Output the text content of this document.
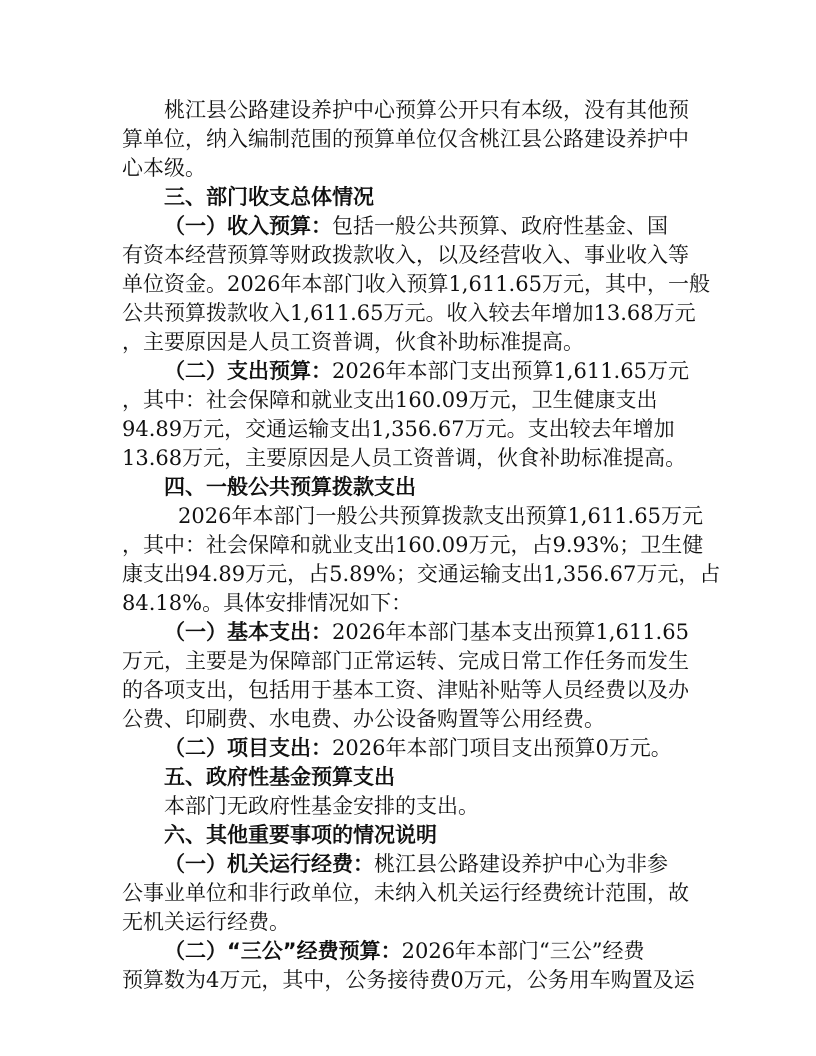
桃江县公路建设养护中心预算公开只有本级，没有其他预
算单位，纳入编制范围的预算单位仅含桃江县公路建设养护中
心本级。
三、部门收支总体情况
（一）收入预算：包括一般公共预算、政府性基金、国
有资本经营预算等财政拨款收入，以及经营收入、事业收入等
单位资金。2026年本部门收入预算1,611.65万元，其中，一般
公共预算拨款收入1,611.65万元。收入较去年增加13.68万元
，主要原因是人员工资普调，伙食补助标准提高。
（二）支出预算：2026年本部门支出预算1,611.65万元
，其中：社会保障和就业支出160.09万元，卫生健康支出
94.89万元，交通运输支出1,356.67万元。支出较去年增加
13.68万元，主要原因是人员工资普调，伙食补助标准提高。
四、一般公共预算拨款支出
2026年本部门一般公共预算拨款支出预算1,611.65万元
，其中：社会保障和就业支出160.09万元，占9.93%；卫生健
康支出94.89万元，占5.89%；交通运输支出1,356.67万元，占
84.18%。具体安排情况如下：
（一）基本支出：2026年本部门基本支出预算1,611.65
万元，主要是为保障部门正常运转、完成日常工作任务而发生
的各项支出，包括用于基本工资、津贴补贴等人员经费以及办
公费、印刷费、水电费、办公设备购置等公用经费。
（二）项目支出：2026年本部门项目支出预算0万元。
五、政府性基金预算支出
本部门无政府性基金安排的支出。
六、其他重要事项的情况说明
（一）机关运行经费：桃江县公路建设养护中心为非参
公事业单位和非行政单位，未纳入机关运行经费统计范围，故
无机关运行经费。
（二）“三公”经费预算：2026年本部门“三公”经费
预算数为4万元，其中，公务接待费0万元，公务用车购置及运
